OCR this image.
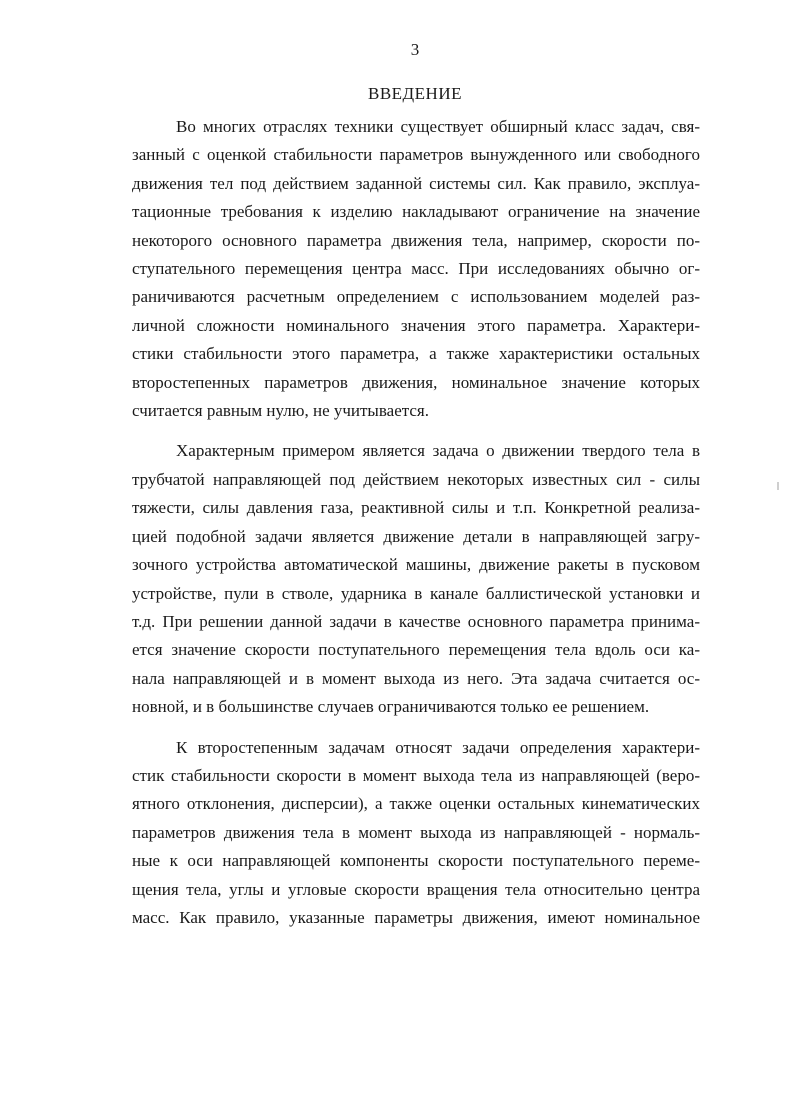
3
ВВЕДЕНИЕ

Во многих отраслях техники существует обширный класс задач, свя-
занный с оценкой стабильности параметров вынужденного или свободного
движения тел под действием заданной системы сил. Как правило, эксплуа-
тационные требования к изделию накладывают ограничение на значение
некоторого основного параметра движения тела, например, скорости по-
ступательного перемещения центра масс. При исследованиях обычно ог-
раничиваются расчетным определением с использованием моделей раз-
личной сложности номинального значения этого параметра. Характери-
стики стабильности этого параметра, а также характеристики остальных
второстепенных параметров движения, номинальное значение которых
считается равным нулю, не учитывается.

Характерным примером является задача о движении твердого тела в
трубчатой направляющей под действием некоторых известных сил - силы
тяжести, силы давления газа, реактивной силы и т.п. Конкретной реализа-
цией подобной задачи является движение детали в направляющей загру-
зочного устройства автоматической машины, движение ракеты в пусковом
устройстве, пули в стволе, ударника в канале баллистической установки и
т.д. При решении данной задачи в качестве основного параметра принима-
ется значение скорости поступательного перемещения тела вдоль оси ка-
нала направляющей и в момент выхода из него. Эта задача считается ос-
новной, и в большинстве случаев ограничиваются только ее решением.

К второстепенным задачам относят задачи определения характери-
стик стабильности скорости в момент выхода тела из направляющей (веро-
ятного отклонения, дисперсии), а также оценки остальных кинематических
параметров движения тела в момент выхода из направляющей - нормаль-
ные к оси направляющей компоненты скорости поступательного переме-
щения тела, углы и угловые скорости вращения тела относительно центра
масс. Как правило, указанные параметры движения, имеют номинальное
